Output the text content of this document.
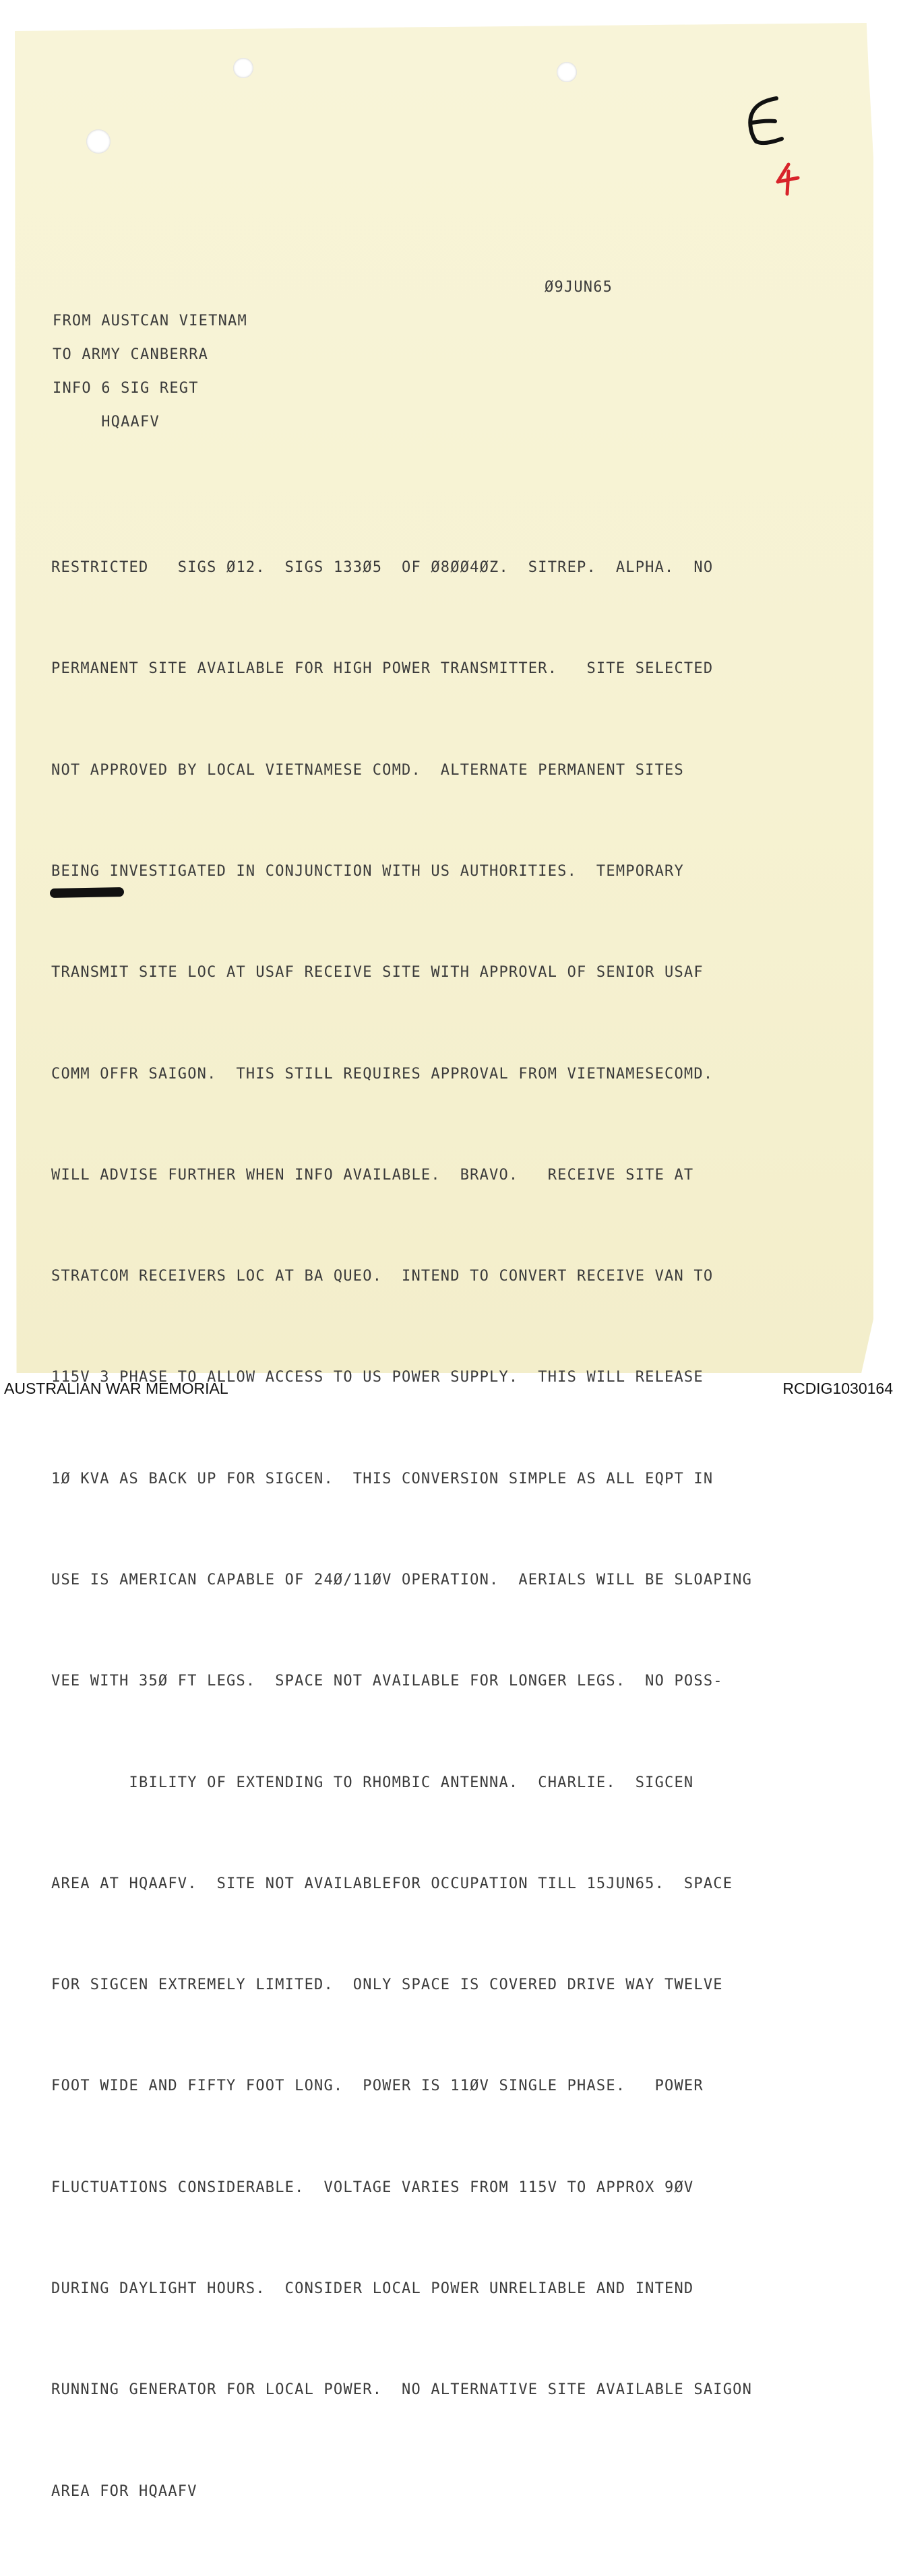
Ø9JUN65

FROM AUSTCAN VIETNAM

TO ARMY CANBERRA

INFO 6 SIG REGT

HQAAFV

RESTRICTED   SIGS Ø12.  SIGS 133Ø5  OF Ø8ØØ4ØZ.  SITREP.  ALPHA.  NO

PERMANENT SITE AVAILABLE FOR HIGH POWER TRANSMITTER.   SITE SELECTED

NOT APPROVED BY LOCAL VIETNAMESE COMD.  ALTERNATE PERMANENT SITES

BEING INVESTIGATED IN CONJUNCTION WITH US AUTHORITIES.  TEMPORARY

TRANSMIT SITE LOC AT USAF RECEIVE SITE WITH APPROVAL OF SENIOR USAF

COMM OFFR SAIGON.  THIS STILL REQUIRES APPROVAL FROM VIETNAMESECOMD.

WILL ADVISE FURTHER WHEN INFO AVAILABLE.  BRAVO.   RECEIVE SITE AT

STRATCOM RECEIVERS LOC AT BA QUEO.  INTEND TO CONVERT RECEIVE VAN TO

115V 3 PHASE TO ALLOW ACCESS TO US POWER SUPPLY.  THIS WILL RELEASE

1Ø KVA AS BACK UP FOR SIGCEN.  THIS CONVERSION SIMPLE AS ALL EQPT IN

USE IS AMERICAN CAPABLE OF 24Ø/11ØV OPERATION.  AERIALS WILL BE SLOAPING

VEE WITH 35Ø FT LEGS.  SPACE NOT AVAILABLE FOR LONGER LEGS.  NO POSS-

IBILITY OF EXTENDING TO RHOMBIC ANTENNA.  CHARLIE.  SIGCEN

AREA AT HQAAFV.  SITE NOT AVAILABLEFOR OCCUPATION TILL 15JUN65.  SPACE

FOR SIGCEN EXTREMELY LIMITED.  ONLY SPACE IS COVERED DRIVE WAY TWELVE

FOOT WIDE AND FIFTY FOOT LONG.  POWER IS 11ØV SINGLE PHASE.   POWER

FLUCTUATIONS CONSIDERABLE.  VOLTAGE VARIES FROM 115V TO APPROX 9ØV

DURING DAYLIGHT HOURS.  CONSIDER LOCAL POWER UNRELIABLE AND INTEND

RUNNING GENERATOR FOR LOCAL POWER.  NO ALTERNATIVE SITE AVAILABLE SAIGON

AREA FOR HQAAFV

AUSTRALIAN WAR MEMORIAL	RCDIG1030164
